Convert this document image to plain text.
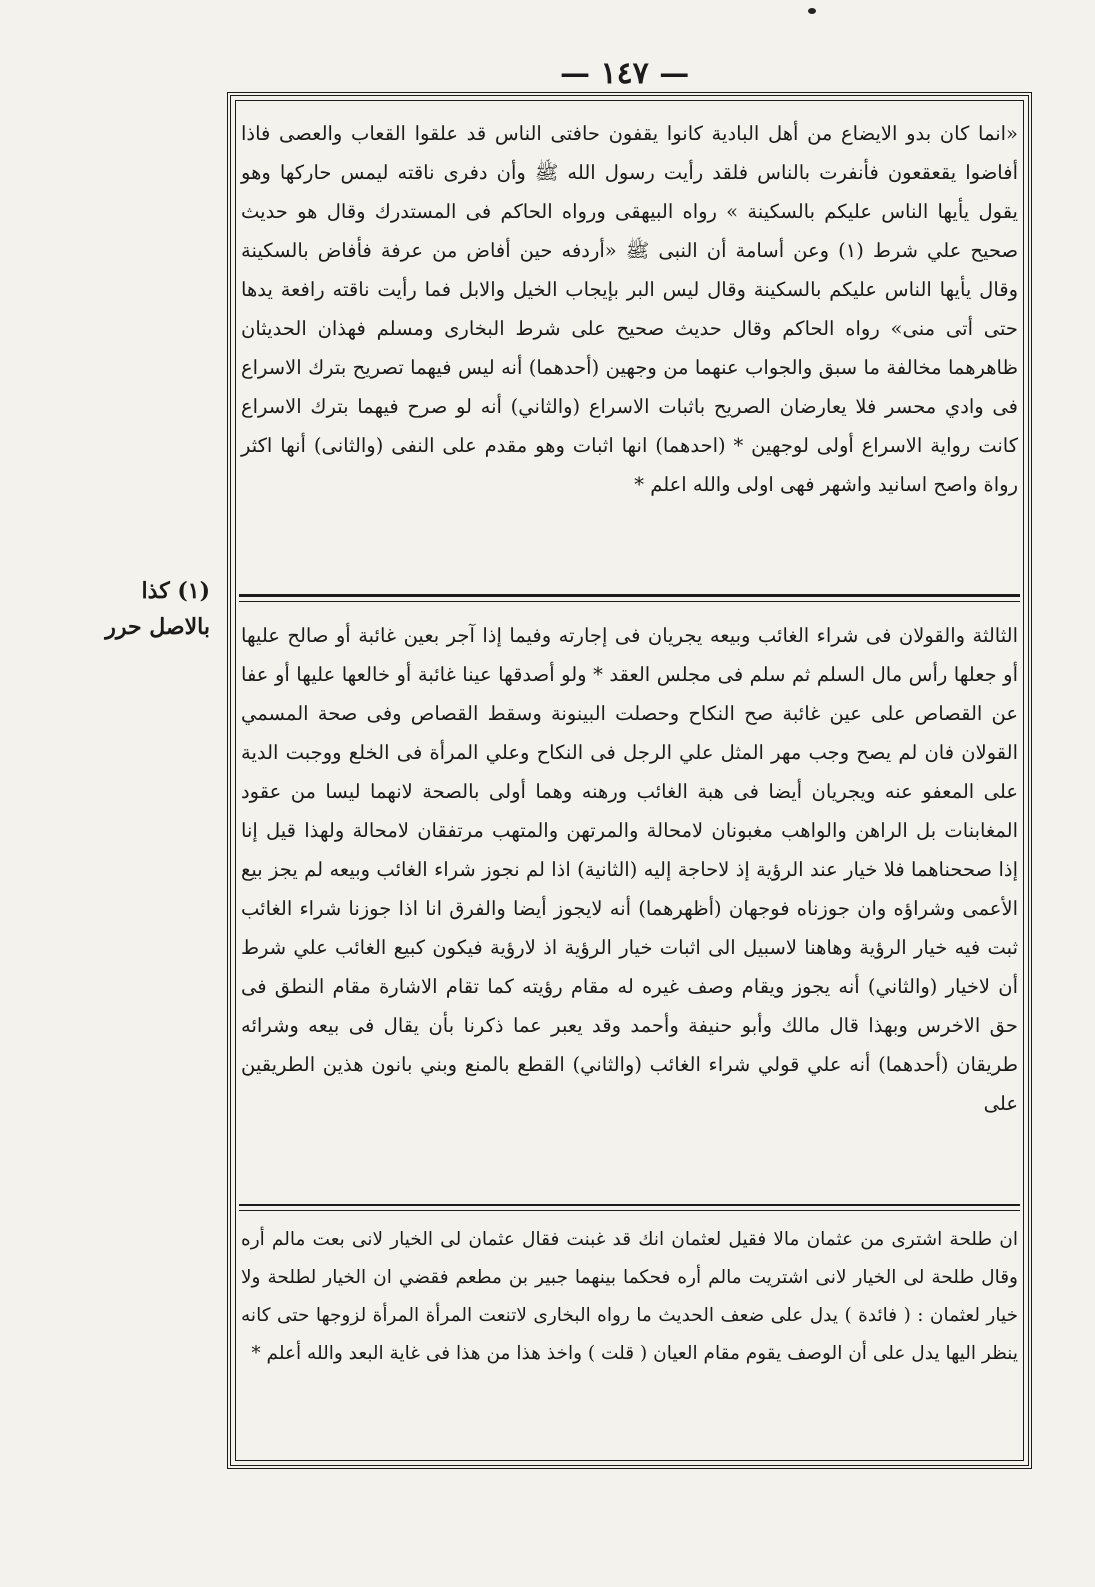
— ١٤٧ —
(١) كذا
بالاصل حرر

«انما كان بدو الايضاع من أهل البادية كانوا يقفون حافتى الناس قد علقوا القعاب والعصى فاذا أفاضوا يقعقعون فأنفرت بالناس فلقد رأيت رسول الله ﷺ وأن دفرى ناقته ليمس حاركها وهو يقول يأيها الناس عليكم بالسكينة » رواه البيهقى ورواه الحاكم فى المستدرك وقال هو حديث صحيح علي شرط (١) وعن أسامة أن النبى ﷺ «أردفه حين أفاض من عرفة فأفاض بالسكينة وقال يأيها الناس عليكم بالسكينة وقال ليس البر بإيجاب الخيل والابل فما رأيت ناقته رافعة يدها حتى أتى منى» رواه الحاكم وقال حديث صحيح على شرط البخارى ومسلم فهذان الحديثان ظاهرهما مخالفة ما سبق والجواب عنهما من وجهين (أحدهما) أنه ليس فيهما تصريح بترك الاسراع فى وادي محسر فلا يعارضان الصريح باثبات الاسراع (والثاني) أنه لو صرح فيهما بترك الاسراع كانت رواية الاسراع أولى لوجهين * (احدهما) انها اثبات وهو مقدم على النفى (والثانى) أنها اكثر رواة واصح اسانيد واشهر فهى اولى والله اعلم *

الثالثة والقولان فى شراء الغائب وبيعه يجريان فى إجارته وفيما إذا آجر بعين غائبة أو صالح عليها أو جعلها رأس مال السلم ثم سلم فى مجلس العقد * ولو أصدقها عينا غائبة أو خالعها عليها أو عفا عن القصاص على عين غائبة صح النكاح وحصلت البينونة وسقط القصاص وفى صحة المسمي القولان فان لم يصح وجب مهر المثل علي الرجل فى النكاح وعلي المرأة فى الخلع ووجبت الدية على المعفو عنه ويجريان أيضا فى هبة الغائب ورهنه وهما أولى بالصحة لانهما ليسا من عقود المغابنات بل الراهن والواهب مغبونان لامحالة والمرتهن والمتهب مرتفقان لامحالة ولهذا قيل إنا إذا صححناهما فلا خيار عند الرؤية إذ لاحاجة إليه (الثانية) اذا لم نجوز شراء الغائب وبيعه لم يجز بيع الأعمى وشراؤه وان جوزناه فوجهان (أظهرهما) أنه لايجوز أيضا والفرق انا اذا جوزنا شراء الغائب ثبت فيه خيار الرؤية وهاهنا لاسبيل الى اثبات خيار الرؤية اذ لارؤية فيكون كبيع الغائب علي شرط أن لاخيار (والثاني) أنه يجوز ويقام وصف غيره له مقام رؤيته كما تقام الاشارة مقام النطق فى حق الاخرس وبهذا قال مالك وأبو حنيفة وأحمد وقد يعبر عما ذكرنا بأن يقال فى بيعه وشرائه طريقان (أحدهما) أنه علي قولي شراء الغائب (والثاني) القطع بالمنع وبني بانون هذين الطريقين على

ان طلحة اشترى من عثمان مالا فقيل لعثمان انك قد غبنت فقال عثمان لى الخيار لانى بعت مالم أره وقال طلحة لى الخيار لانى اشتريت مالم أره فحكما بينهما جبير بن مطعم فقضي ان الخيار لطلحة ولا خيار لعثمان : ( فائدة ) يدل على ضعف الحديث ما رواه البخارى لاتنعت المرأة المرأة لزوجها حتى كانه ينظر اليها يدل على أن الوصف يقوم مقام العيان ( قلت ) واخذ هذا من هذا فى غاية البعد والله أعلم *
